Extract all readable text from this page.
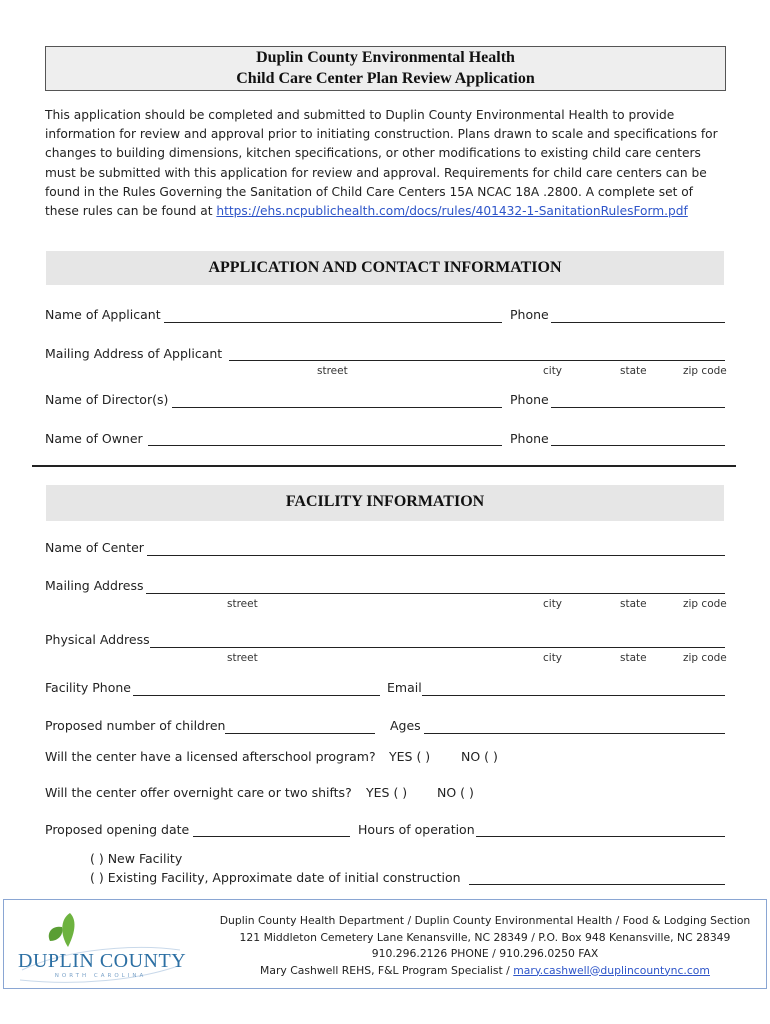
Duplin County Environmental Health
Child Care Center Plan Review Application
This application should be completed and submitted to Duplin County Environmental Health to provide information for review and approval prior to initiating construction. Plans drawn to scale and specifications for changes to building dimensions, kitchen specifications, or other modifications to existing child care centers must be submitted with this application for review and approval. Requirements for child care centers can be found in the Rules Governing the Sanitation of Child Care Centers 15A NCAC 18A .2800. A complete set of these rules can be found at https://ehs.ncpublichealth.com/docs/rules/401432-1-SanitationRulesForm.pdf
APPLICATION AND CONTACT INFORMATION
Name of Applicant	Phone
Mailing Address of Applicant
street	city	state	zip code
Name of Director(s)	Phone
Name of Owner	Phone
FACILITY INFORMATION
Name of Center
Mailing Address
street	city	state	zip code
Physical Address
street	city	state	zip code
Facility Phone	Email
Proposed number of children	Ages
Will the center have a licensed afterschool program? YES ( ) NO ( )
Will the center offer overnight care or two shifts? YES ( ) NO ( )
Proposed opening date	Hours of operation
( ) New Facility
( ) Existing Facility, Approximate date of initial construction
DUPLIN COUNTY
NORTH CAROLINA
Duplin County Health Department / Duplin County Environmental Health / Food & Lodging Section
121 Middleton Cemetery Lane Kenansville, NC 28349 / P.O. Box 948 Kenansville, NC 28349
910.296.2126 PHONE / 910.296.0250 FAX
Mary Cashwell REHS, F&L Program Specialist / mary.cashwell@duplincountync.com
